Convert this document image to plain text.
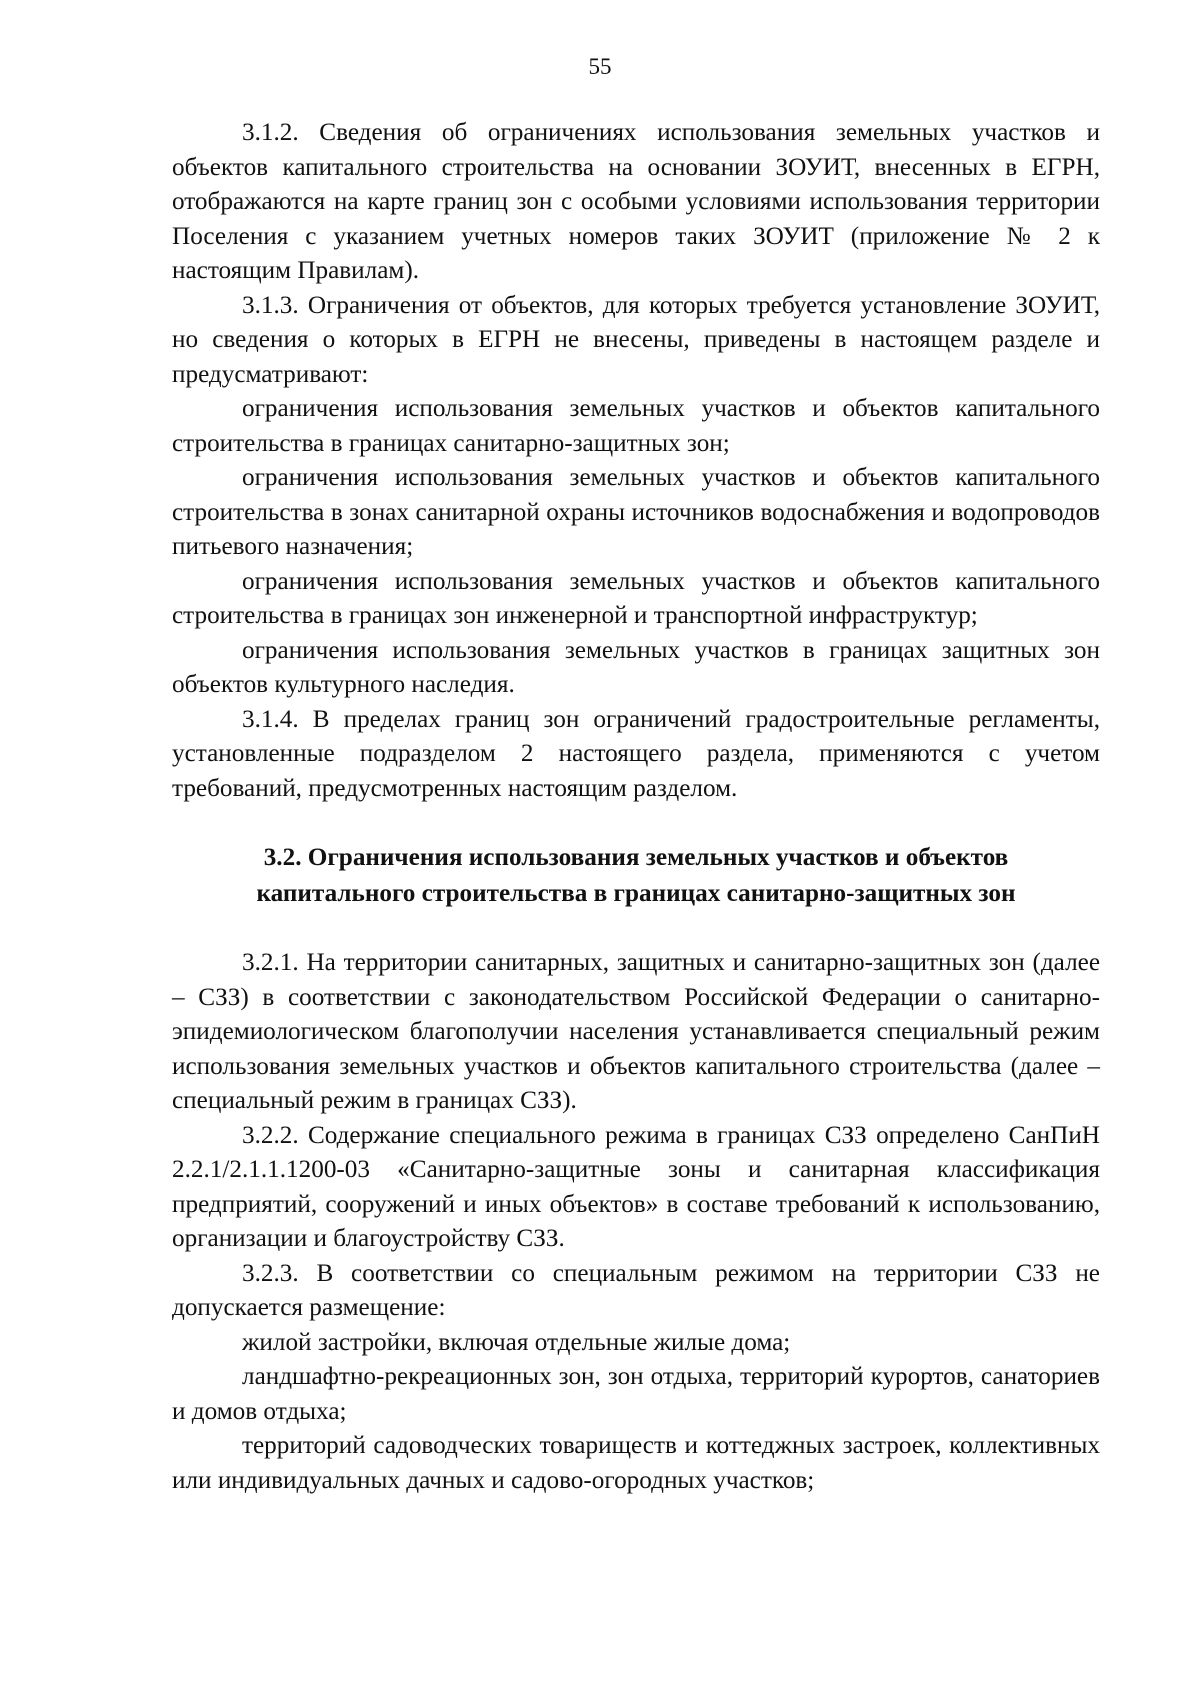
55

3.1.2. Сведения об ограничениях использования земельных участков и объектов капитального строительства на основании ЗОУИТ, внесенных в ЕГРН, отображаются на карте границ зон с особыми условиями использования территории Поселения с указанием учетных номеров таких ЗОУИТ (приложение № 2 к настоящим Правилам).

3.1.3. Ограничения от объектов, для которых требуется установление ЗОУИТ, но сведения о которых в ЕГРН не внесены, приведены в настоящем разделе и предусматривают:

ограничения использования земельных участков и объектов капитального строительства в границах санитарно-защитных зон;

ограничения использования земельных участков и объектов капитального строительства в зонах санитарной охраны источников водоснабжения и водопроводов питьевого назначения;

ограничения использования земельных участков и объектов капитального строительства в границах зон инженерной и транспортной инфраструктур;

ограничения использования земельных участков в границах защитных зон объектов культурного наследия.

3.1.4. В пределах границ зон ограничений градостроительные регламенты, установленные подразделом 2 настоящего раздела, применяются с учетом требований, предусмотренных настоящим разделом.

3.2. Ограничения использования земельных участков и объектов
капитального строительства в границах санитарно-защитных зон

3.2.1. На территории санитарных, защитных и санитарно-защитных зон (далее – СЗЗ) в соответствии с законодательством Российской Федерации о санитарно-эпидемиологическом благополучии населения устанавливается специальный режим использования земельных участков и объектов капитального строительства (далее – специальный режим в границах СЗЗ).

3.2.2. Содержание специального режима в границах СЗЗ определено СанПиН 2.2.1/2.1.1.1200-03 «Санитарно-защитные зоны и санитарная классификация предприятий, сооружений и иных объектов» в составе требований к использованию, организации и благоустройству СЗЗ.

3.2.3. В соответствии со специальным режимом на территории СЗЗ не допускается размещение:

жилой застройки, включая отдельные жилые дома;

ландшафтно-рекреационных зон, зон отдыха, территорий курортов, санаториев и домов отдыха;

территорий садоводческих товариществ и коттеджных застроек, коллективных или индивидуальных дачных и садово-огородных участков;
